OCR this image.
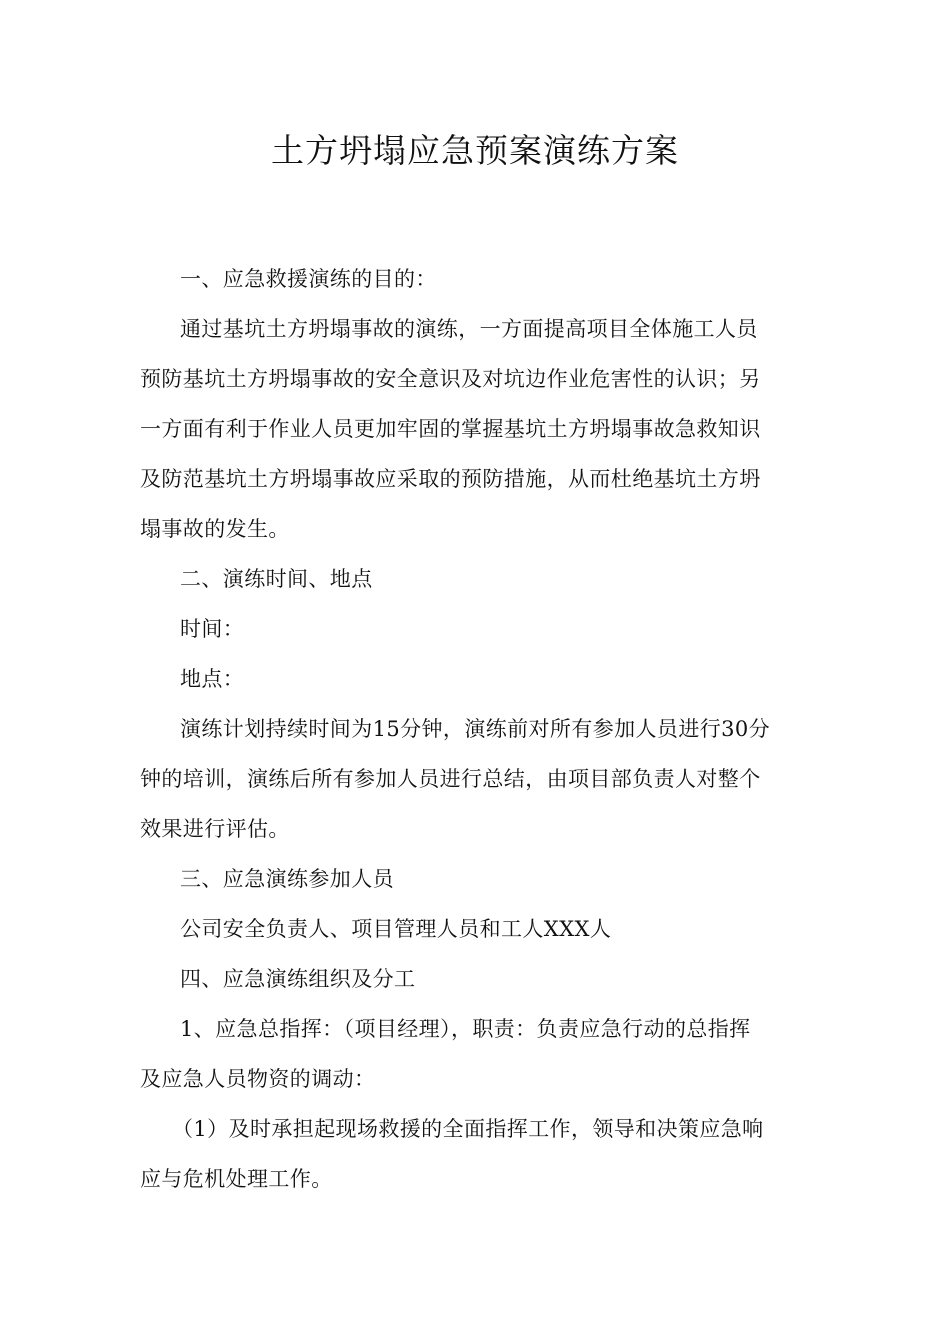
土方坍塌应急预案演练方案
一、应急救援演练的目的：
通过基坑土方坍塌事故的演练，一方面提高项目全体施工人员
预防基坑土方坍塌事故的安全意识及对坑边作业危害性的认识；另
一方面有利于作业人员更加牢固的掌握基坑土方坍塌事故急救知识
及防范基坑土方坍塌事故应采取的预防措施，从而杜绝基坑土方坍
塌事故的发生。
二、演练时间、地点
时间：
地点：
演练计划持续时间为15分钟，演练前对所有参加人员进行30分
钟的培训，演练后所有参加人员进行总结，由项目部负责人对整个
效果进行评估。
三、应急演练参加人员
公司安全负责人、项目管理人员和工人XXX人
四、应急演练组织及分工
1、应急总指挥：（项目经理），职责：负责应急行动的总指挥
及应急人员物资的调动：
（1）及时承担起现场救援的全面指挥工作，领导和决策应急响
应与危机处理工作。
